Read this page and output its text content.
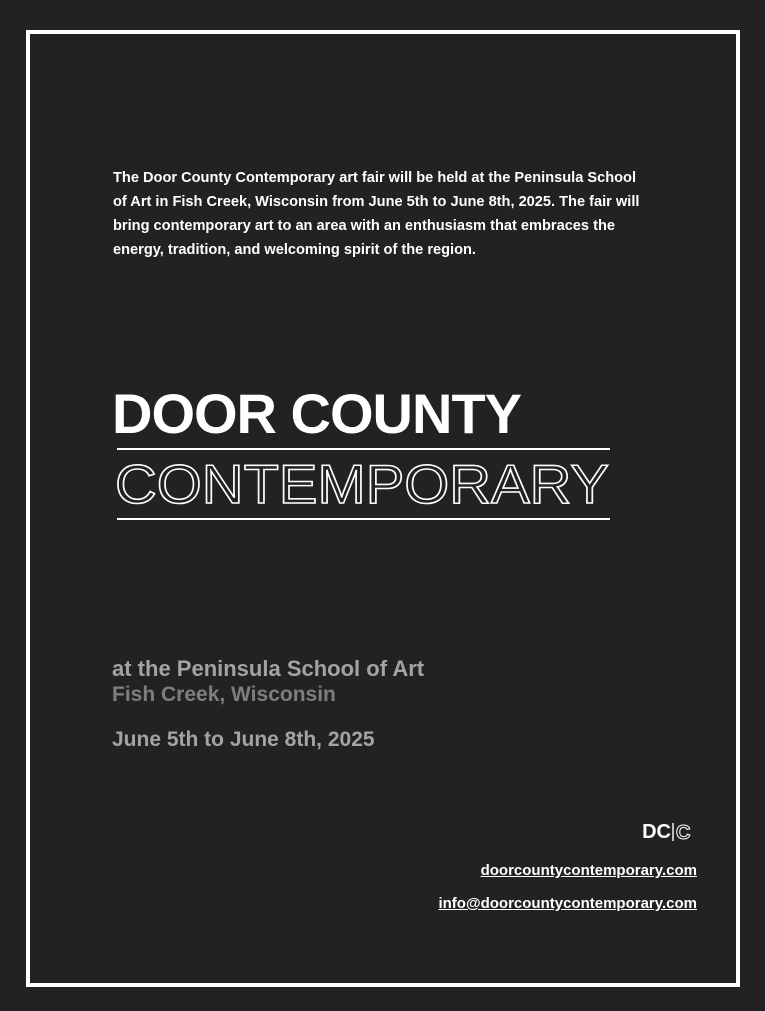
The Door County Contemporary art fair will be held at the Peninsula School of Art in Fish Creek, Wisconsin from June 5th to June 8th, 2025. The fair will bring contemporary art to an area with an enthusiasm that embraces the energy, tradition, and welcoming spirit of the region.

DOOR COUNTY
CONTEMPORARY
at the Peninsula School of Art
Fish Creek, Wisconsin
June 5th to June 8th, 2025
DC C
doorcountycontemporary.com
info@doorcountycontemporary.com
